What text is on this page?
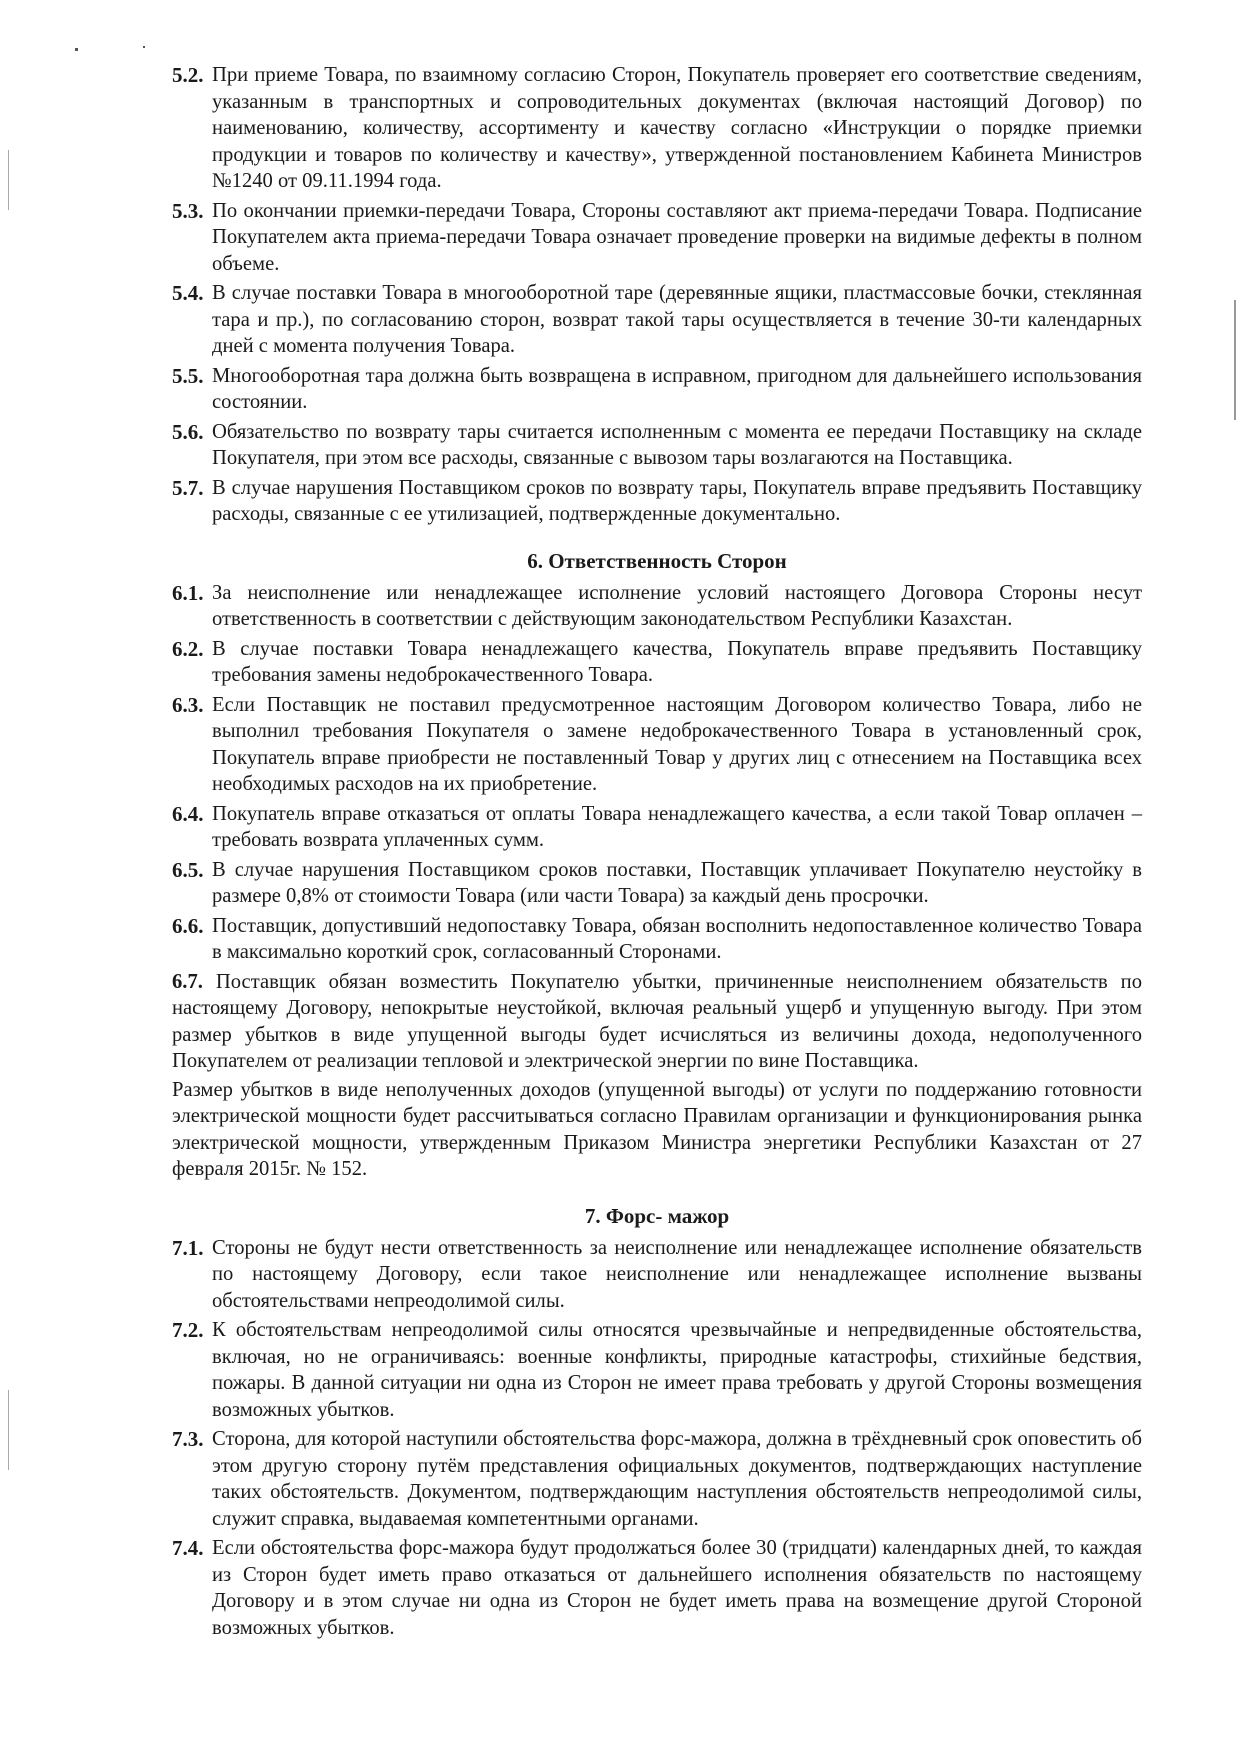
5.2. При приеме Товара, по взаимному согласию Сторон, Покупатель проверяет его соответствие сведениям, указанным в транспортных и сопроводительных документах (включая настоящий Договор) по наименованию, количеству, ассортименту и качеству согласно «Инструкции о порядке приемки продукции и товаров по количеству и качеству», утвержденной постановлением Кабинета Министров №1240 от 09.11.1994 года.
5.3. По окончании приемки-передачи Товара, Стороны составляют акт приема-передачи Товара. Подписание Покупателем акта приема-передачи Товара означает проведение проверки на видимые дефекты в полном объеме.
5.4. В случае поставки Товара в многооборотной таре (деревянные ящики, пластмассовые бочки, стеклянная тара и пр.), по согласованию сторон, возврат такой тары осуществляется в течение 30-ти календарных дней с момента получения Товара.
5.5. Многооборотная тара должна быть возвращена в исправном, пригодном для дальнейшего использования состоянии.
5.6. Обязательство по возврату тары считается исполненным с момента ее передачи Поставщику на складе Покупателя, при этом все расходы, связанные с вывозом тары возлагаются на Поставщика.
5.7. В случае нарушения Поставщиком сроков по возврату тары, Покупатель вправе предъявить Поставщику расходы, связанные с ее утилизацией, подтвержденные документально.
6. Ответственность Сторон
6.1. За неисполнение или ненадлежащее исполнение условий настоящего Договора Стороны несут ответственность в соответствии с действующим законодательством Республики Казахстан.
6.2. В случае поставки Товара ненадлежащего качества, Покупатель вправе предъявить Поставщику требования замены недоброкачественного Товара.
6.3. Если Поставщик не поставил предусмотренное настоящим Договором количество Товара, либо не выполнил требования Покупателя о замене недоброкачественного Товара в установленный срок, Покупатель вправе приобрести не поставленный Товар у других лиц с отнесением на Поставщика всех необходимых расходов на их приобретение.
6.4. Покупатель вправе отказаться от оплаты Товара ненадлежащего качества, а если такой Товар оплачен – требовать возврата уплаченных сумм.
6.5. В случае нарушения Поставщиком сроков поставки, Поставщик уплачивает Покупателю неустойку в размере 0,8% от стоимости Товара (или части Товара) за каждый день просрочки.
6.6. Поставщик, допустивший недопоставку Товара, обязан восполнить недопоставленное количество Товара в максимально короткий срок, согласованный Сторонами.
6.7. Поставщик обязан возместить Покупателю убытки, причиненные неисполнением обязательств по настоящему Договору, непокрытые неустойкой, включая реальный ущерб и упущенную выгоду. При этом размер убытков в виде упущенной выгоды будет исчисляться из величины дохода, недополученного Покупателем от реализации тепловой и электрической энергии по вине Поставщика.
Размер убытков в виде неполученных доходов (упущенной выгоды) от услуги по поддержанию готовности электрической мощности будет рассчитываться согласно Правилам организации и функционирования рынка электрической мощности, утвержденным Приказом Министра энергетики Республики Казахстан от 27 февраля 2015г. № 152.
7. Форс- мажор
7.1. Стороны не будут нести ответственность за неисполнение или ненадлежащее исполнение обязательств по настоящему Договору, если такое неисполнение или ненадлежащее исполнение вызваны обстоятельствами непреодолимой силы.
7.2. К обстоятельствам непреодолимой силы относятся чрезвычайные и непредвиденные обстоятельства, включая, но не ограничиваясь: военные конфликты, природные катастрофы, стихийные бедствия, пожары. В данной ситуации ни одна из Сторон не имеет права требовать у другой Стороны возмещения возможных убытков.
7.3. Сторона, для которой наступили обстоятельства форс-мажора, должна в трёхдневный срок оповестить об этом другую сторону путём представления официальных документов, подтверждающих наступление таких обстоятельств. Документом, подтверждающим наступления обстоятельств непреодолимой силы, служит справка, выдаваемая компетентными органами.
7.4. Если обстоятельства форс-мажора будут продолжаться более 30 (тридцати) календарных дней, то каждая из Сторон будет иметь право отказаться от дальнейшего исполнения обязательств по настоящему Договору и в этом случае ни одна из Сторон не будет иметь права на возмещение другой Стороной возможных убытков.
